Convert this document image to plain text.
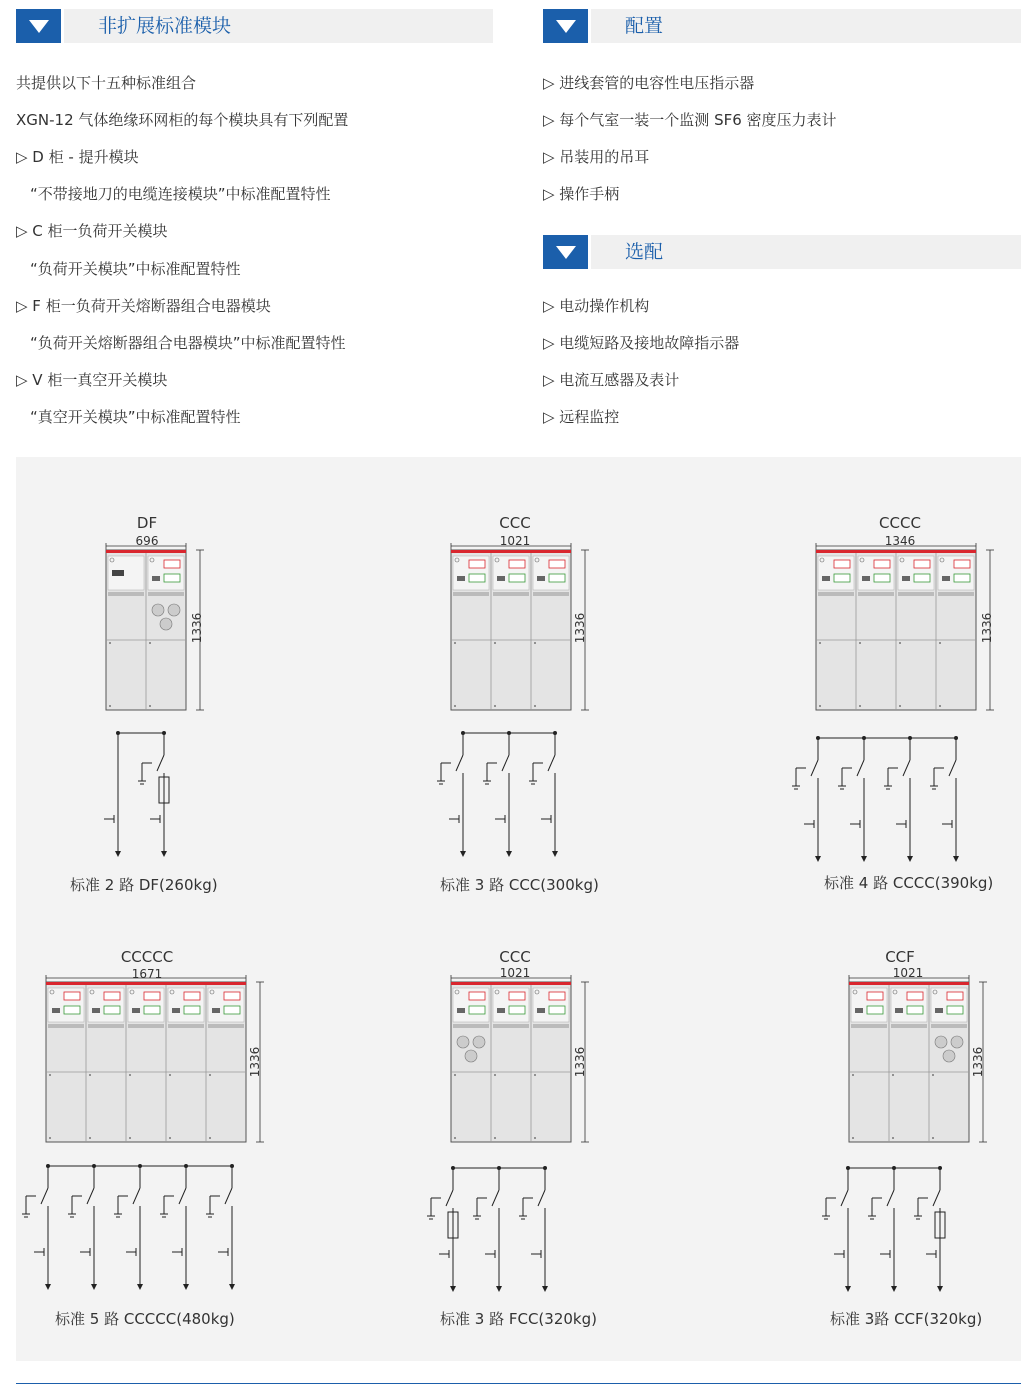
非扩展标准模块
共提供以下十五种标准组合
XGN-12 气体绝缘环网柜的每个模块具有下列配置
▷ D 柜 - 提升模块
“不带接地刀的电缆连接模块”中标准配置特性
▷ C 柜一负荷开关模块
“负荷开关模块”中标准配置特性
▷ F 柜一负荷开关熔断器组合电器模块
“负荷开关熔断器组合电器模块”中标准配置特性
▷ V 柜一真空开关模块
“真空开关模块”中标准配置特性
配置
▷ 进线套管的电容性电压指示器
▷ 每个气室一装一个监测 SF6 密度压力表计
▷ 吊装用的吊耳
▷ 操作手柄
选配
▷ 电动操作机构
▷ 电缆短路及接地故障指示器
▷ 电流互感器及表计
▷ 远程监控
DF
696
1336
标准 2 路 DF(260kg)
CCC
1021
1336
标准 3 路 CCC(300kg)
CCCC
1346
1336
标准 4 路 CCCC(390kg)
CCCCC
1671
1336
标准 5 路 CCCCC(480kg)
CCC
1021
1336
标准 3 路 FCC(320kg)
CCF
1021
1336
标准 3路 CCF(320kg)
